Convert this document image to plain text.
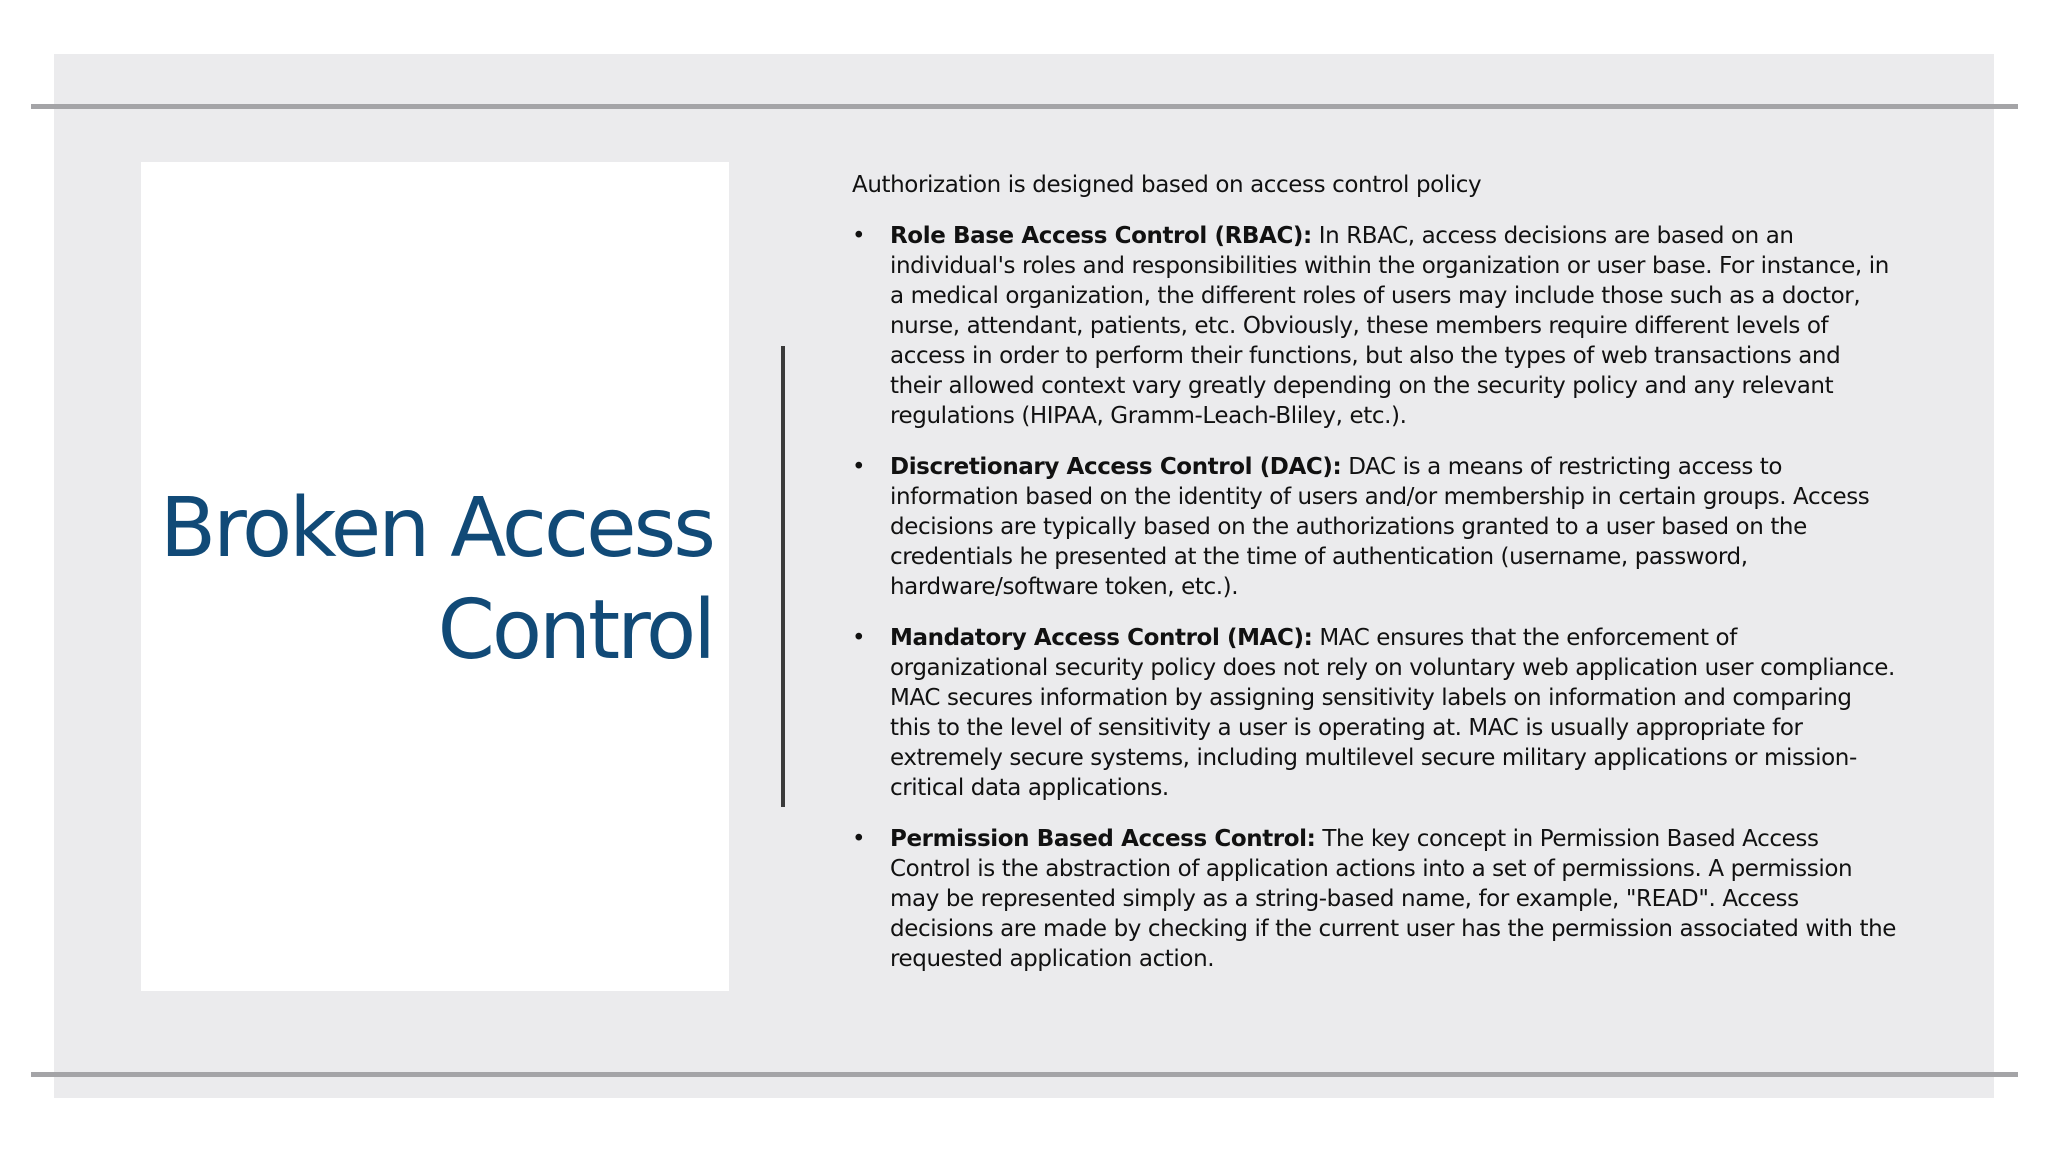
Broken Access
Control

Authorization is designed based on access control policy

• Role Base Access Control (RBAC): In RBAC, access decisions are based on an individual's roles and responsibilities within the organization or user base. For instance, in a medical organization, the different roles of users may include those such as a doctor, nurse, attendant, patients, etc. Obviously, these members require different levels of access in order to perform their functions, but also the types of web transactions and their allowed context vary greatly depending on the security policy and any relevant regulations (HIPAA, Gramm-Leach-Bliley, etc.).
• Discretionary Access Control (DAC): DAC is a means of restricting access to information based on the identity of users and/or membership in certain groups. Access decisions are typically based on the authorizations granted to a user based on the credentials he presented at the time of authentication (username, password, hardware/software token, etc.).
• Mandatory Access Control (MAC): MAC ensures that the enforcement of organizational security policy does not rely on voluntary web application user compliance. MAC secures information by assigning sensitivity labels on information and comparing this to the level of sensitivity a user is operating at. MAC is usually appropriate for extremely secure systems, including multilevel secure military applications or mission-critical data applications.
• Permission Based Access Control: The key concept in Permission Based Access Control is the abstraction of application actions into a set of permissions. A permission may be represented simply as a string-based name, for example, "READ". Access decisions are made by checking if the current user has the permission associated with the requested application action.
